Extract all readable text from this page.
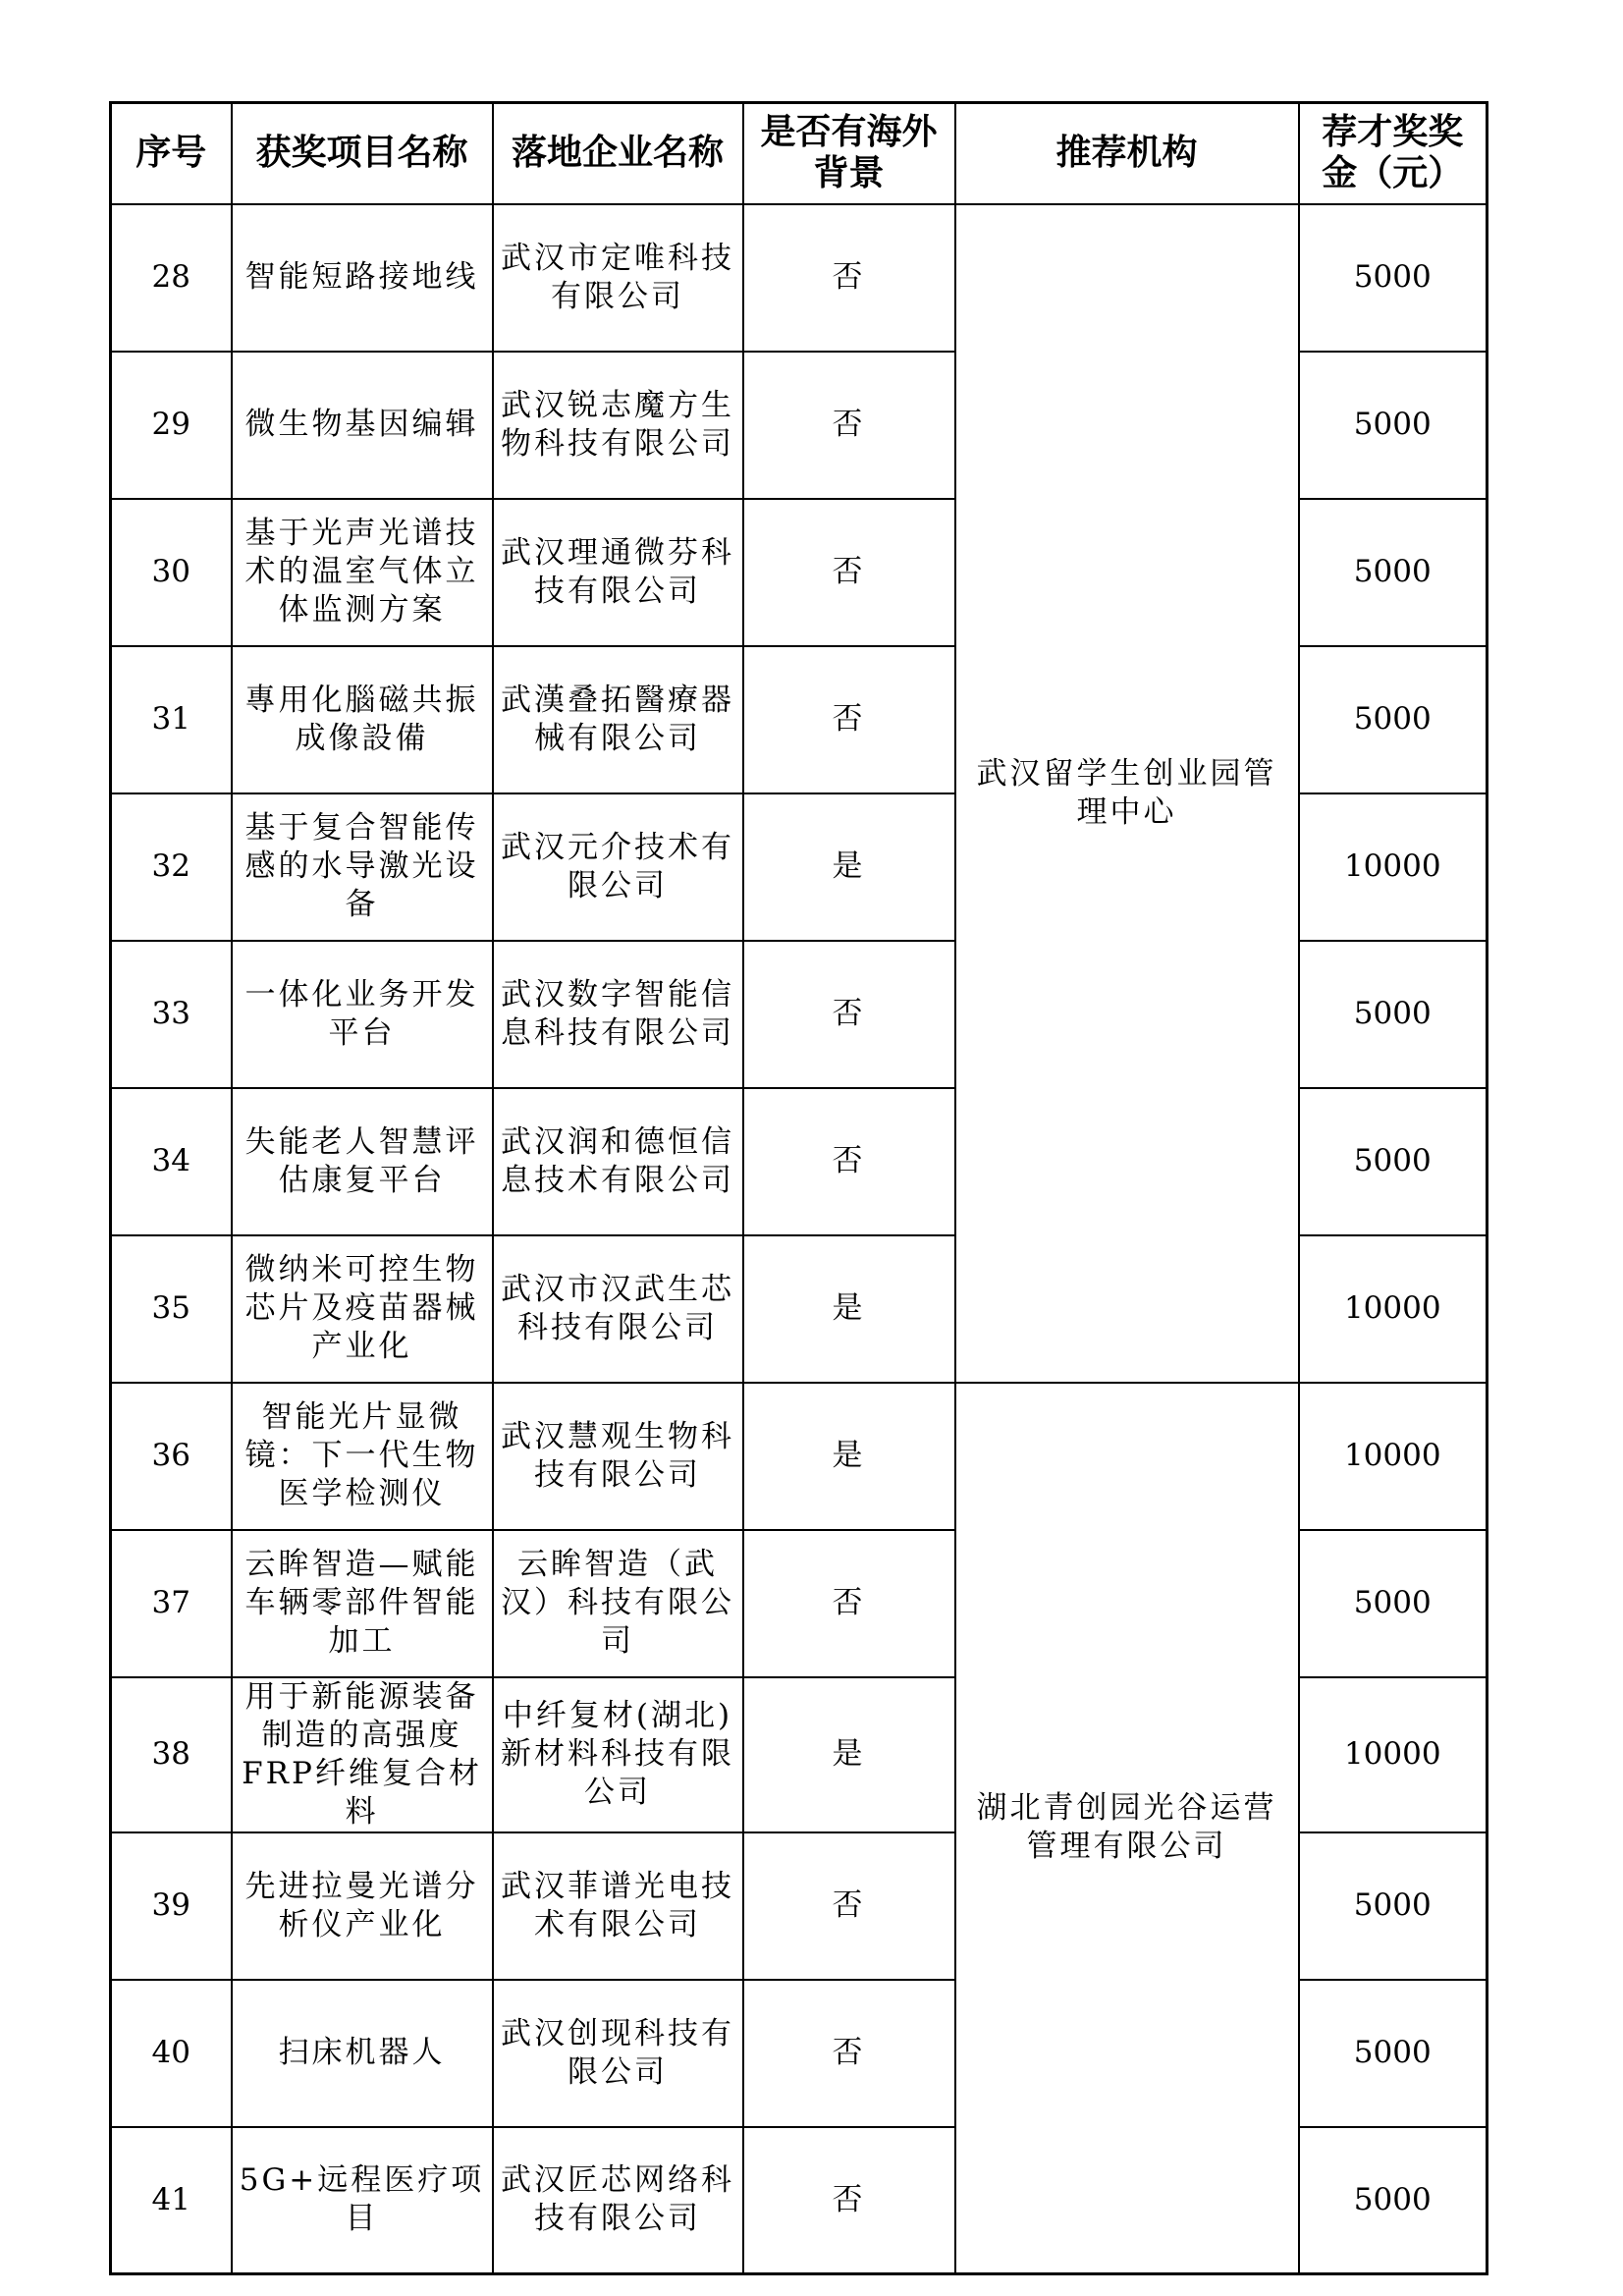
序号	获奖项目名称	落地企业名称	是否有海外背景	推荐机构	荐才奖奖金（元）
28	智能短路接地线	武汉市定唯科技有限公司	否	武汉留学生创业园管理中心	5000
29	微生物基因编辑	武汉锐志魔方生物科技有限公司	否		5000
30	基于光声光谱技术的温室气体立体监测方案	武汉理通微芬科技有限公司	否		5000
31	專用化腦磁共振成像設備	武漢叠拓醫療器械有限公司	否		5000
32	基于复合智能传感的水导激光设备	武汉元介技术有限公司	是		10000
33	一体化业务开发平台	武汉数字智能信息科技有限公司	否		5000
34	失能老人智慧评估康复平台	武汉润和德恒信息技术有限公司	否		5000
35	微纳米可控生物芯片及疫苗器械产业化	武汉市汉武生芯科技有限公司	是		10000
36	智能光片显微镜：下一代生物医学检测仪	武汉慧观生物科技有限公司	是	湖北青创园光谷运营管理有限公司	10000
37	云眸智造—赋能车辆零部件智能加工	云眸智造（武汉）科技有限公司	否		5000
38	用于新能源装备制造的高强度FRP纤维复合材料	中纤复材(湖北)新材料科技有限公司	是		10000
39	先进拉曼光谱分析仪产业化	武汉菲谱光电技术有限公司	否		5000
40	扫床机器人	武汉创现科技有限公司	否		5000
41	5G+远程医疗项目	武汉匠芯网络科技有限公司	否		5000
